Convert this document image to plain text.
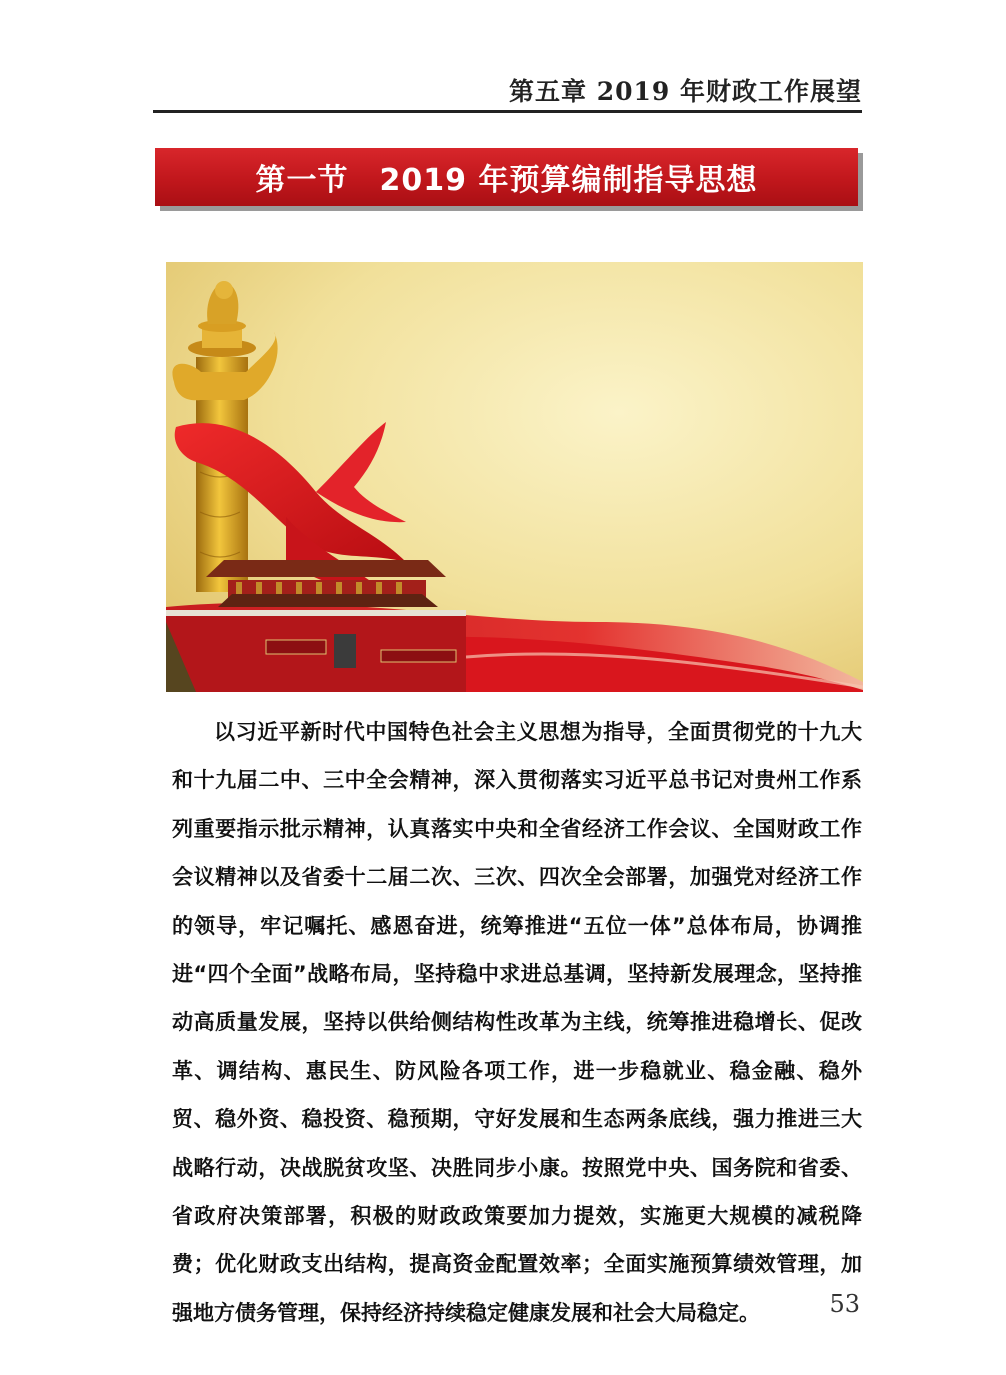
第五章 2019 年财政工作展望
第一节　2019 年预算编制指导思想

以习近平新时代中国特色社会主义思想为指导，全面贯彻党的十九大和十九届二中、三中全会精神，深入贯彻落实习近平总书记对贵州工作系列重要指示批示精神，认真落实中央和全省经济工作会议、全国财政工作会议精神以及省委十二届二次、三次、四次全会部署，加强党对经济工作的领导，牢记嘱托、感恩奋进，统筹推进“五位一体”总体布局，协调推进“四个全面”战略布局，坚持稳中求进总基调，坚持新发展理念，坚持推动高质量发展，坚持以供给侧结构性改革为主线，统筹推进稳增长、促改革、调结构、惠民生、防风险各项工作，进一步稳就业、稳金融、稳外贸、稳外资、稳投资、稳预期，守好发展和生态两条底线，强力推进三大战略行动，决战脱贫攻坚、决胜同步小康。按照党中央、国务院和省委、省政府决策部署，积极的财政政策要加力提效，实施更大规模的减税降费；优化财政支出结构，提高资金配置效率；全面实施预算绩效管理，加强地方债务管理，保持经济持续稳定健康发展和社会大局稳定。	53
